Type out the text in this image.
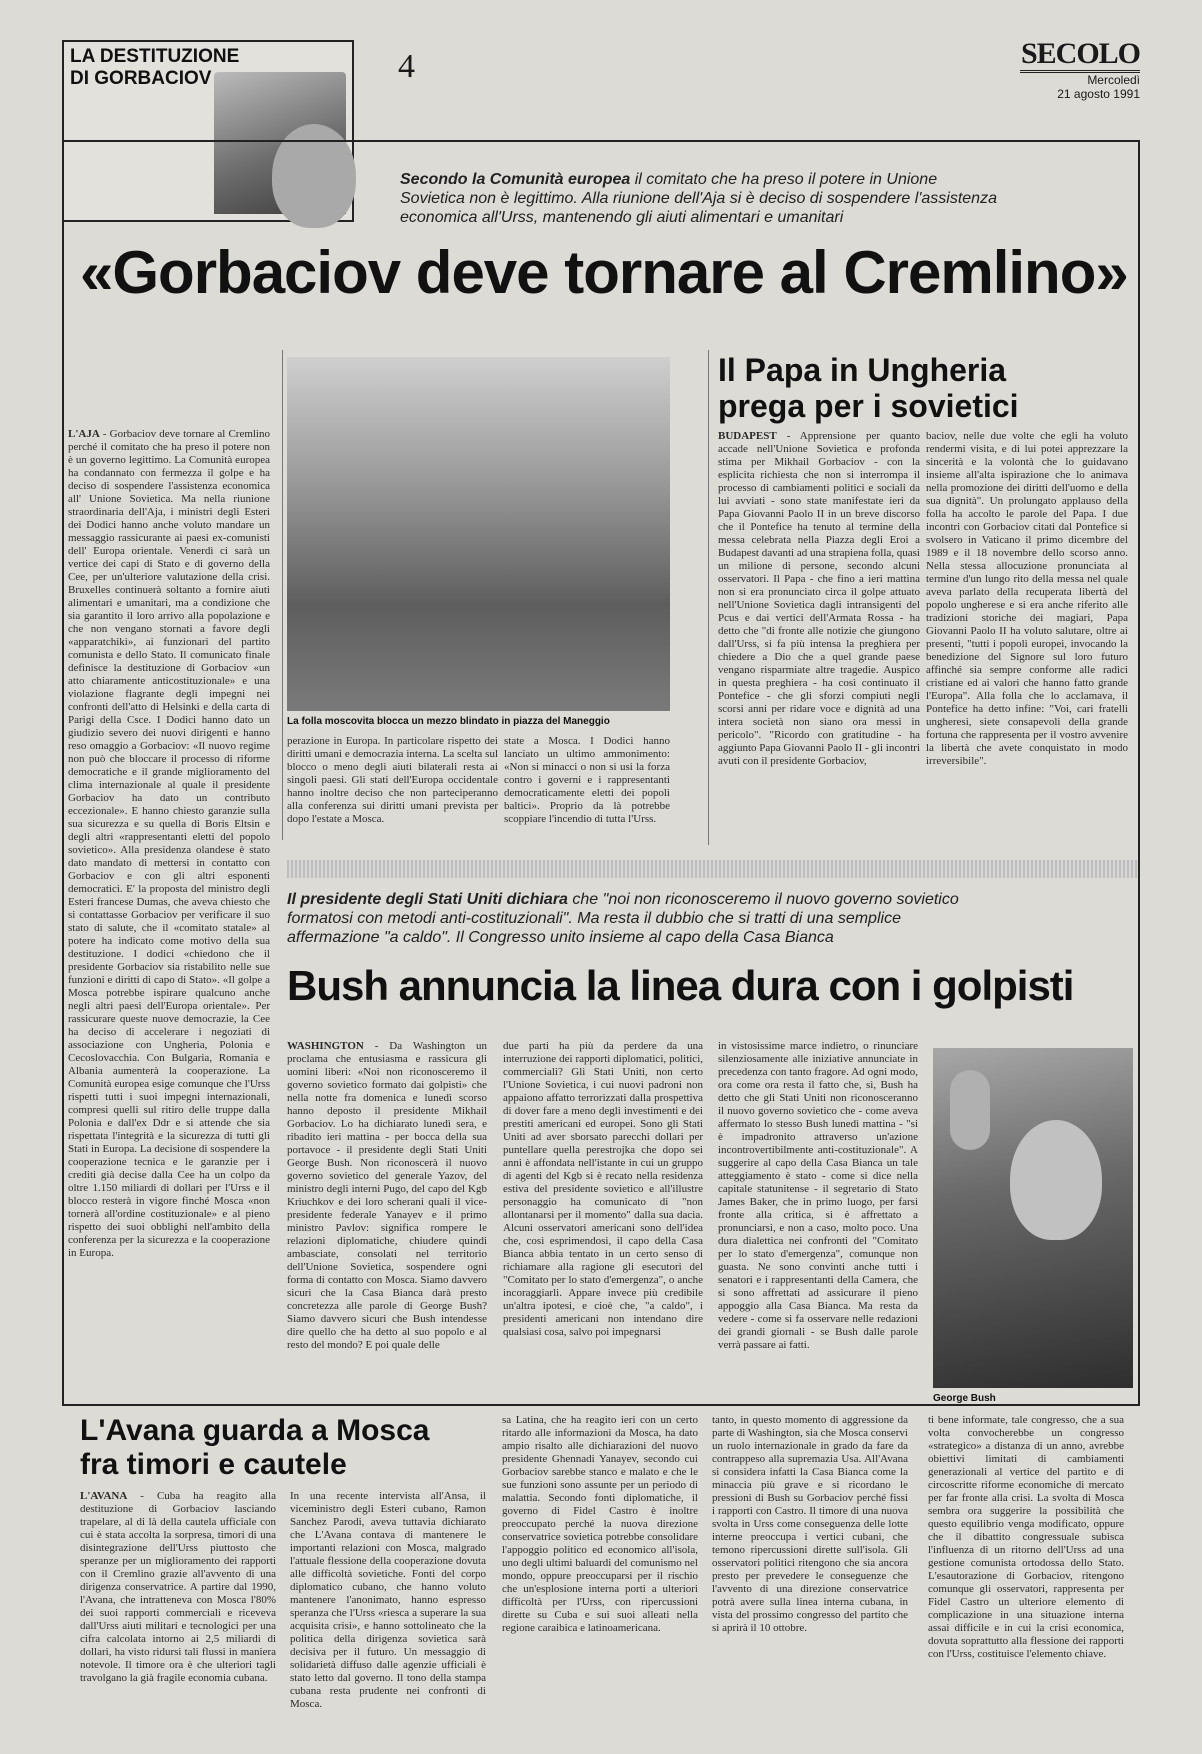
LA DESTITUZIONE
DI GORBACIOV	4	SECOLO
Mercoledì
21 agosto 1991
Secondo la Comunità europea il comitato che ha preso il potere in Unione Sovietica non è legittimo. Alla riunione dell'Aja si è deciso di sospendere l'assistenza economica all'Urss, mantenendo gli aiuti alimentari e umanitari
«Gorbaciov deve tornare al Cremlino»
L'AJA - Gorbaciov deve tornare al Cremlino perché il comitato che ha preso il potere non è un governo legittimo. La Comunità europea ha condannato con fermezza il golpe e ha deciso di sospendere l'assistenza economica all' Unione Sovietica. Ma nella riunione straordinaria dell'Aja, i ministri degli Esteri dei Dodici hanno anche voluto mandare un messaggio rassicurante ai paesi ex-comunisti dell' Europa orientale. Venerdì ci sarà un vertice dei capi di Stato e di governo della Cee, per un'ulteriore valutazione della crisi. Bruxelles continuerà soltanto a fornire aiuti alimentari e umanitari, ma a condizione che sia garantito il loro arrivo alla popolazione e che non vengano stornati a favore degli «apparatchiki», ai funzionari del partito comunista e dello Stato. Il comunicato finale definisce la destituzione di Gorbaciov «un atto chiaramente anticostituzionale» e una violazione flagrante degli impegni nei confronti dell'atto di Helsinki e della carta di Parigi della Csce. I Dodici hanno dato un giudizio severo dei nuovi dirigenti e hanno reso omaggio a Gorbaciov: «Il nuovo regime non può che bloccare il processo di riforme democratiche e il grande miglioramento del clima internazionale al quale il presidente Gorbaciov ha dato un contributo eccezionale». E hanno chiesto garanzie sulla sua sicurezza e su quella di Boris Eltsin e degli altri «rappresentanti eletti del popolo sovietico». Alla presidenza olandese è stato dato mandato di mettersi in contatto con Gorbaciov e con gli altri esponenti democratici. E' la proposta del ministro degli Esteri francese Dumas, che aveva chiesto che si contattasse Gorbaciov per verificare il suo stato di salute, che il «comitato statale» al potere ha indicato come motivo della sua destituzione. I dodici «chiedono che il presidente Gorbaciov sia ristabilito nelle sue funzioni e diritti di capo di Stato». «Il golpe a Mosca potrebbe ispirare qualcuno anche negli altri paesi dell'Europa orientale». Per rassicurare queste nuove democrazie, la Cee ha deciso di accelerare i negoziati di associazione con Ungheria, Polonia e Cecoslovacchia. Con Bulgaria, Romania e Albania aumenterà la cooperazione. La Comunità europea esige comunque che l'Urss rispetti tutti i suoi impegni internazionali, compresi quelli sul ritiro delle truppe dalla Polonia e dall'ex Ddr e si attende che sia rispettata l'integrità e la sicurezza di tutti gli Stati in Europa. La decisione di sospendere la cooperazione tecnica e le garanzie per i crediti già decise dalla Cee ha un colpo da oltre 1.150 miliardi di dollari per l'Urss e il blocco resterà in vigore finché Mosca «non tornerà all'ordine costituzionale» e al pieno rispetto dei suoi obblighi nell'ambito della conferenza per la sicurezza e la cooperazione in Europa.
La folla moscovita blocca un mezzo blindato in piazza del Maneggio
perazione in Europa. In particolare rispetto dei diritti umani e democrazia interna. La scelta sul blocco o meno degli aiuti bilaterali resta ai singoli paesi. Gli stati dell'Europa occidentale hanno inoltre deciso che non parteciperanno alla conferenza sui diritti umani prevista per dopo l'estate a Mosca.
state a Mosca. I Dodici hanno lanciato un ultimo ammonimento: «Non si minacci o non si usi la forza contro i governi e i rappresentanti democraticamente eletti dei popoli baltici». Proprio da là potrebbe scoppiare l'incendio di tutta l'Urss.
Il Papa in Ungheria
prega per i sovietici
BUDAPEST - Apprensione per quanto accade nell'Unione Sovietica e profonda stima per Mikhail Gorbaciov - con la esplicita richiesta che non si interrompa il processo di cambiamenti politici e sociali da lui avviati - sono state manifestate ieri da Papa Giovanni Paolo II in un breve discorso che il Pontefice ha tenuto al termine della messa celebrata nella Piazza degli Eroi a Budapest davanti ad una strapiena folla, quasi un milione di persone, secondo alcuni osservatori. Il Papa - che fino a ieri mattina non si era pronunciato circa il golpe attuato nell'Unione Sovietica dagli intransigenti del Pcus e dai vertici dell'Armata Rossa - ha detto che "di fronte alle notizie che giungono dall'Urss, si fa più intensa la preghiera per chiedere a Dio che a quel grande paese vengano risparmiate altre tragedie. Auspico in questa preghiera - ha così continuato il Pontefice - che gli sforzi compiuti negli scorsi anni per ridare voce e dignità ad una intera società non siano ora messi in pericolo". "Ricordo con gratitudine - ha aggiunto Papa Giovanni Paolo II - gli incontri avuti con il presidente Gorbaciov,
baciov, nelle due volte che egli ha voluto rendermi visita, e di lui potei apprezzare la sincerità e la volontà che lo guidavano insieme all'alta ispirazione che lo animava nella promozione dei diritti dell'uomo e della sua dignità". Un prolungato applauso della folla ha accolto le parole del Papa. I due incontri con Gorbaciov citati dal Pontefice si svolsero in Vaticano il primo dicembre del 1989 e il 18 novembre dello scorso anno. Nella stessa allocuzione pronunciata al termine d'un lungo rito della messa nel quale aveva parlato della recuperata libertà del popolo ungherese e si era anche riferito alle tradizioni storiche dei magiari, Papa Giovanni Paolo II ha voluto salutare, oltre ai presenti, "tutti i popoli europei, invocando la benedizione del Signore sul loro futuro affinché sia sempre conforme alle radici cristiane ed ai valori che hanno fatto grande l'Europa". Alla folla che lo acclamava, il Pontefice ha detto infine: "Voi, cari fratelli ungheresi, siete consapevoli della grande fortuna che rappresenta per il vostro avvenire la libertà che avete conquistato in modo irreversibile".
Il presidente degli Stati Uniti dichiara che "noi non riconosceremo il nuovo governo sovietico formatosi con metodi anti-costituzionali". Ma resta il dubbio che si tratti di una semplice affermazione "a caldo". Il Congresso unito insieme al capo della Casa Bianca
Bush annuncia la linea dura con i golpisti
WASHINGTON - Da Washington un proclama che entusiasma e rassicura gli uomini liberi: «Noi non riconosceremo il governo sovietico formato dai golpisti» che nella notte fra domenica e lunedì scorso hanno deposto il presidente Mikhail Gorbaciov. Lo ha dichiarato lunedì sera, e ribadito ieri mattina - per bocca della sua portavoce - il presidente degli Stati Uniti George Bush. Non riconoscerà il nuovo governo sovietico del generale Yazov, del ministro degli interni Pugo, del capo del Kgb Kriuchkov e dei loro scherani quali il vice-presidente federale Yanayev e il primo ministro Pavlov: significa rompere le relazioni diplomatiche, chiudere quindi ambasciate, consolati nel territorio dell'Unione Sovietica, sospendere ogni forma di contatto con Mosca. Siamo davvero sicuri che la Casa Bianca darà presto concretezza alle parole di George Bush? Siamo davvero sicuri che Bush intendesse dire quello che ha detto al suo popolo e al resto del mondo? E poi quale delle
due parti ha più da perdere da una interruzione dei rapporti diplomatici, politici, commerciali? Gli Stati Uniti, non certo l'Unione Sovietica, i cui nuovi padroni non appaiono affatto terrorizzati dalla prospettiva di dover fare a meno degli investimenti e dei prestiti americani ed europei. Sono gli Stati Uniti ad aver sborsato parecchi dollari per puntellare quella perestrojka che dopo sei anni è affondata nell'istante in cui un gruppo di agenti del Kgb si è recato nella residenza estiva del presidente sovietico e all'illustre personaggio ha comunicato di "non allontanarsi per il momento" dalla sua dacia. Alcuni osservatori americani sono dell'idea che, così esprimendosi, il capo della Casa Bianca abbia tentato in un certo senso di richiamare alla ragione gli esecutori del "Comitato per lo stato d'emergenza", o anche incoraggiarli. Appare invece più credibile un'altra ipotesi, e cioè che, "a caldo", i presidenti americani non intendano dire qualsiasi cosa, salvo poi impegnarsi
in vistosissime marce indietro, o rinunciare silenziosamente alle iniziative annunciate in precedenza con tanto fragore. Ad ogni modo, ora come ora resta il fatto che, sì, Bush ha detto che gli Stati Uniti non riconosceranno il nuovo governo sovietico che - come aveva affermato lo stesso Bush lunedì mattina - "si è impadronito attraverso un'azione incontrovertibilmente anti-costituzionale". A suggerire al capo della Casa Bianca un tale atteggiamento è stato - come si dice nella capitale statunitense - il segretario di Stato James Baker, che in primo luogo, per farsi fronte alla critica, si è affrettato a pronunciarsi, e non a caso, molto poco. Una dura dialettica nei confronti del "Comitato per lo stato d'emergenza", comunque non guasta. Ne sono convinti anche tutti i senatori e i rappresentanti della Camera, che si sono affrettati ad assicurare il pieno appoggio alla Casa Bianca. Ma resta da vedere - come si fa osservare nelle redazioni dei grandi giornali - se Bush dalle parole verrà passare ai fatti.
George Bush
L'Avana guarda a Mosca
fra timori e cautele
L'AVANA - Cuba ha reagito alla destituzione di Gorbaciov lasciando trapelare, al di là della cautela ufficiale con cui è stata accolta la sorpresa, timori di una disintegrazione dell'Urss piuttosto che speranze per un miglioramento dei rapporti con il Cremlino grazie all'avvento di una dirigenza conservatrice. A partire dal 1990, l'Avana, che intratteneva con Mosca l'80% dei suoi rapporti commerciali e riceveva dall'Urss aiuti militari e tecnologici per una cifra calcolata intorno ai 2,5 miliardi di dollari, ha visto ridursi tali flussi in maniera notevole. Il timore ora è che ulteriori tagli travolgano la già fragile economia cubana.
In una recente intervista all'Ansa, il viceministro degli Esteri cubano, Ramon Sanchez Parodi, aveva tuttavia dichiarato che L'Avana contava di mantenere le importanti relazioni con Mosca, malgrado l'attuale flessione della cooperazione dovuta alle difficoltà sovietiche. Fonti del corpo diplomatico cubano, che hanno voluto mantenere l'anonimato, hanno espresso speranza che l'Urss «riesca a superare la sua acquisita crisi», e hanno sottolineato che la politica della dirigenza sovietica sarà decisiva per il futuro. Un messaggio di solidarietà diffuso dalle agenzie ufficiali è stato letto dal governo. Il tono della stampa cubana resta prudente nei confronti di Mosca.
sa Latina, che ha reagito ieri con un certo ritardo alle informazioni da Mosca, ha dato ampio risalto alle dichiarazioni del nuovo presidente Ghennadi Yanayev, secondo cui Gorbaciov sarebbe stanco e malato e che le sue funzioni sono assunte per un periodo di malattia. Secondo fonti diplomatiche, il governo di Fidel Castro è inoltre preoccupato perché la nuova direzione conservatrice sovietica potrebbe consolidare l'appoggio politico ed economico all'isola, uno degli ultimi baluardi del comunismo nel mondo, oppure preoccuparsi per il rischio che un'esplosione interna porti a ulteriori difficoltà per l'Urss, con ripercussioni dirette su Cuba e sui suoi alleati nella regione caraibica e latinoamericana.
tanto, in questo momento di aggressione da parte di Washington, sia che Mosca conservi un ruolo internazionale in grado da fare da contrappeso alla supremazia Usa. All'Avana si considera infatti la Casa Bianca come la minaccia più grave e si ricordano le pressioni di Bush su Gorbaciov perché fissi i rapporti con Castro. Il timore di una nuova svolta in Urss come conseguenza delle lotte interne preoccupa i vertici cubani, che temono ripercussioni dirette sull'isola. Gli osservatori politici ritengono che sia ancora presto per prevedere le conseguenze che l'avvento di una direzione conservatrice potrà avere sulla linea interna cubana, in vista del prossimo congresso del partito che si aprirà il 10 ottobre.
ti bene informate, tale congresso, che a sua volta convocherebbe un congresso «strategico» a distanza di un anno, avrebbe obiettivi limitati di cambiamenti generazionali al vertice del partito e di circoscritte riforme economiche di mercato per far fronte alla crisi. La svolta di Mosca sembra ora suggerire la possibilità che questo equilibrio venga modificato, oppure che il dibattito congressuale subisca l'influenza di un ritorno dell'Urss ad una gestione comunista ortodossa dello Stato. L'esautorazione di Gorbaciov, ritengono comunque gli osservatori, rappresenta per Fidel Castro un ulteriore elemento di complicazione in una situazione interna assai difficile e in cui la crisi economica, dovuta soprattutto alla flessione dei rapporti con l'Urss, costituisce l'elemento chiave.
